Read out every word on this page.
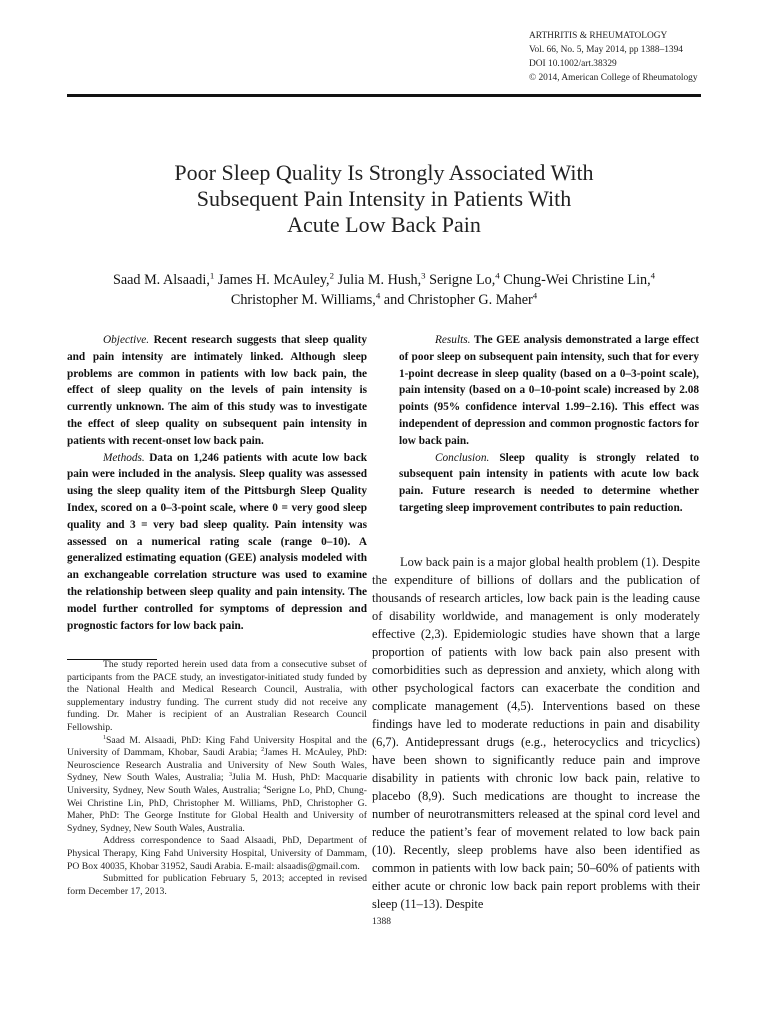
ARTHRITIS & RHEUMATOLOGY
Vol. 66, No. 5, May 2014, pp 1388–1394
DOI 10.1002/art.38329
© 2014, American College of Rheumatology
Poor Sleep Quality Is Strongly Associated With
Subsequent Pain Intensity in Patients With
Acute Low Back Pain
Saad M. Alsaadi,$^1$ James H. McAuley,$^2$ Julia M. Hush,$^3$ Serigne Lo,$^4$ Chung-Wei Christine Lin,$^4$
Christopher M. Williams,$^4$ and Christopher G. Maher$^4$

Objective. Recent research suggests that sleep quality and pain intensity are intimately linked. Although sleep problems are common in patients with low back pain, the effect of sleep quality on the levels of pain intensity is currently unknown. The aim of this study was to investigate the effect of sleep quality on subsequent pain intensity in patients with recent-onset low back pain.

Methods. Data on 1,246 patients with acute low back pain were included in the analysis. Sleep quality was assessed using the sleep quality item of the Pittsburgh Sleep Quality Index, scored on a 0–3-point scale, where 0 = very good sleep quality and 3 = very bad sleep quality. Pain intensity was assessed on a numerical rating scale (range 0–10). A generalized estimating equation (GEE) analysis modeled with an exchangeable correlation structure was used to examine the relationship between sleep quality and pain intensity. The model further controlled for symptoms of depression and prognostic factors for low back pain.

Results. The GEE analysis demonstrated a large effect of poor sleep on subsequent pain intensity, such that for every 1-point decrease in sleep quality (based on a 0–3-point scale), pain intensity (based on a 0–10-point scale) increased by 2.08 points (95% confidence interval 1.99−2.16). This effect was independent of depression and common prognostic factors for low back pain.

Conclusion. Sleep quality is strongly related to subsequent pain intensity in patients with acute low back pain. Future research is needed to determine whether targeting sleep improvement contributes to pain reduction.

The study reported herein used data from a consecutive subset of participants from the PACE study, an investigator-initiated study funded by the National Health and Medical Research Council, Australia, with supplementary industry funding. The current study did not receive any funding. Dr. Maher is recipient of an Australian Research Council Fellowship.

$^1$Saad M. Alsaadi, PhD: King Fahd University Hospital and the University of Dammam, Khobar, Saudi Arabia; $^2$James H. McAuley, PhD: Neuroscience Research Australia and University of New South Wales, Sydney, New South Wales, Australia; $^3$Julia M. Hush, PhD: Macquarie University, Sydney, New South Wales, Australia; $^4$Serigne Lo, PhD, Chung-Wei Christine Lin, PhD, Christopher M. Williams, PhD, Christopher G. Maher, PhD: The George Institute for Global Health and University of Sydney, Sydney, New South Wales, Australia.

Address correspondence to Saad Alsaadi, PhD, Department of Physical Therapy, King Fahd University Hospital, University of Dammam, PO Box 40035, Khobar 31952, Saudi Arabia. E-mail: alsaadis@gmail.com.

Submitted for publication February 5, 2013; accepted in revised form December 17, 2013.

Low back pain is a major global health problem (1). Despite the expenditure of billions of dollars and the publication of thousands of research articles, low back pain is the leading cause of disability worldwide, and management is only moderately effective (2,3). Epidemiologic studies have shown that a large proportion of patients with low back pain also present with comorbidities such as depression and anxiety, which along with other psychological factors can exacerbate the condition and complicate management (4,5). Interventions based on these findings have led to moderate reductions in pain and disability (6,7). Antidepressant drugs (e.g., heterocyclics and tricyclics) have been shown to significantly reduce pain and improve disability in patients with chronic low back pain, relative to placebo (8,9). Such medications are thought to increase the number of neurotransmitters released at the spinal cord level and reduce the patient’s fear of movement related to low back pain (10). Recently, sleep problems have also been identified as common in patients with low back pain; 50–60% of patients with either acute or chronic low back pain report problems with their sleep (11–13). Despite

1388
